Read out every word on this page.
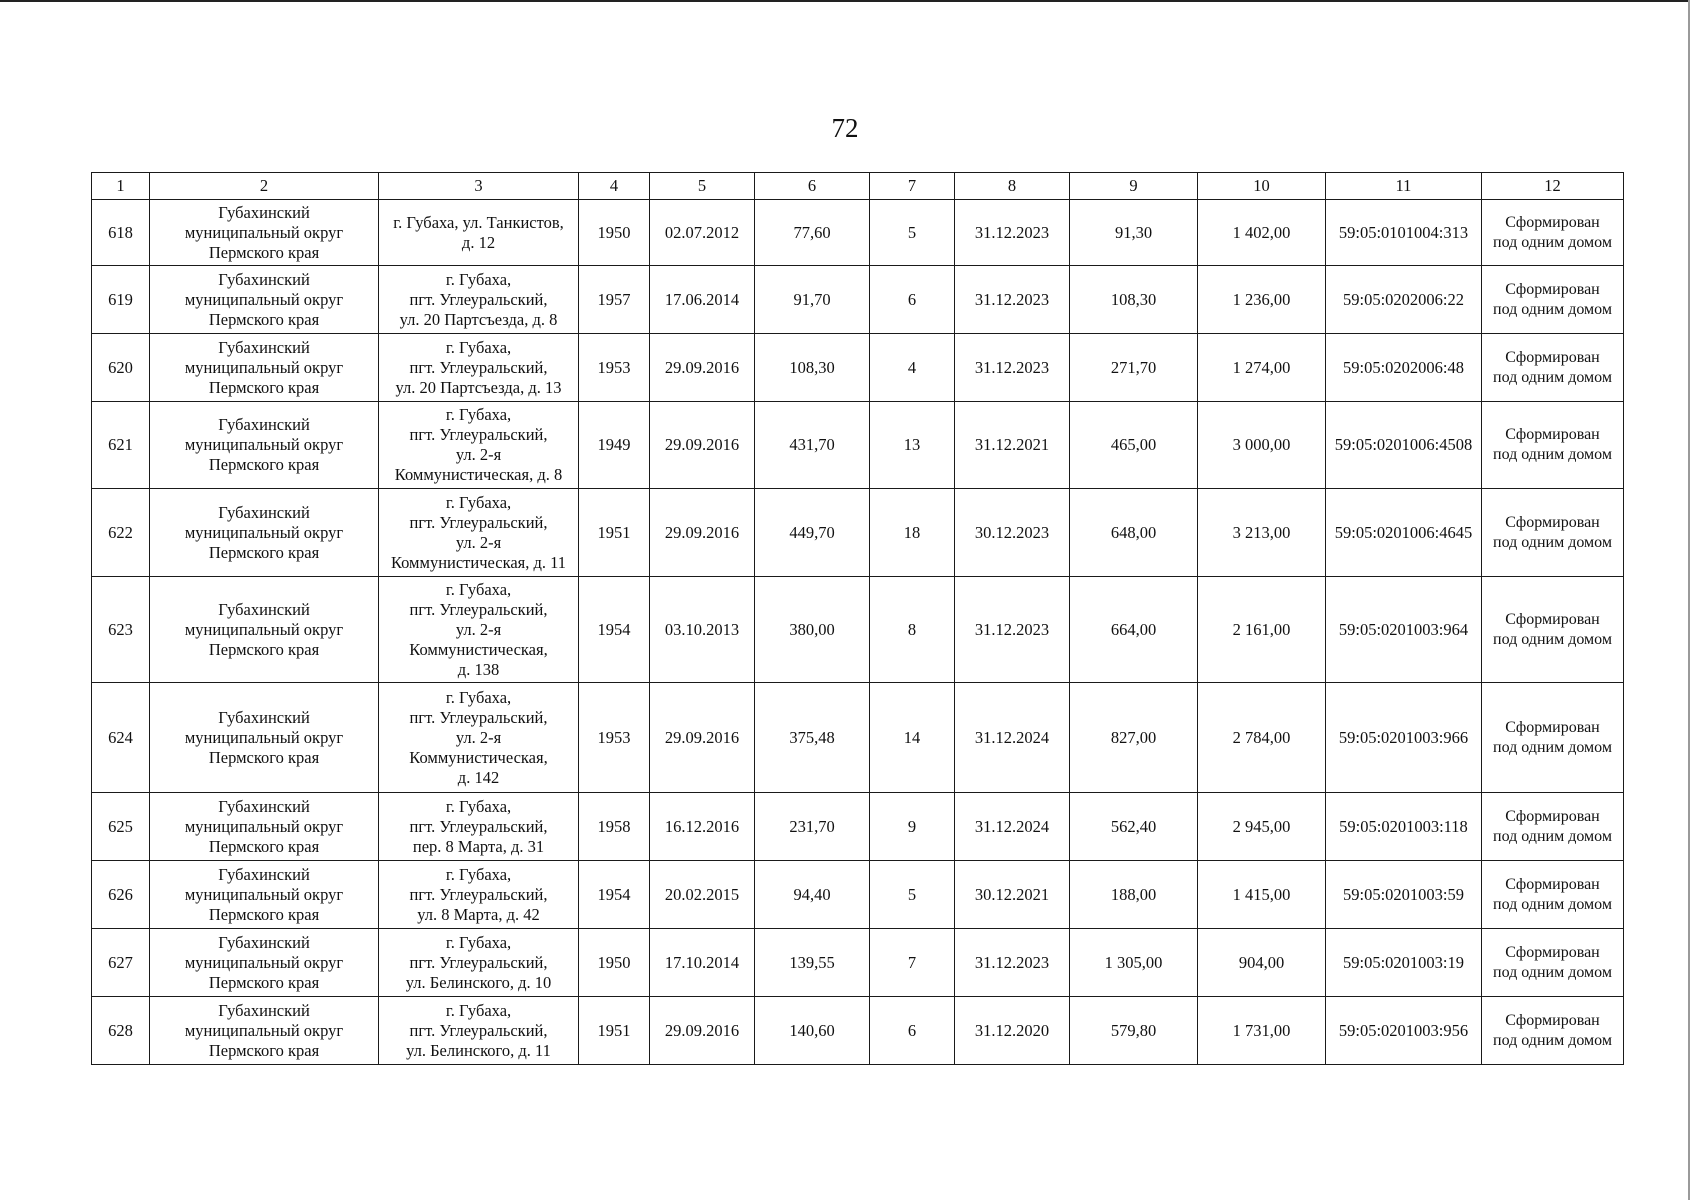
72
1	2	3	4	5	6	7	8	9	10	11	12
618	Губахинский
муниципальный округ
Пермского края	г. Губаха, ул. Танкистов,
д. 12	1950	02.07.2012	77,60	5	31.12.2023	91,30	1 402,00	59:05:0101004:313	Сформирован
под одним домом

619	Губахинский
муниципальный округ
Пермского края	г. Губаха,
пгт. Углеуральский,
ул. 20 Партсъезда, д. 8	1957	17.06.2014	91,70	6	31.12.2023	108,30	1 236,00	59:05:0202006:22	Сформирован
под одним домом

620	Губахинский
муниципальный округ
Пермского края	г. Губаха,
пгт. Углеуральский,
ул. 20 Партсъезда, д. 13	1953	29.09.2016	108,30	4	31.12.2023	271,70	1 274,00	59:05:0202006:48	Сформирован
под одним домом

621	Губахинский
муниципальный округ
Пермского края	г. Губаха,
пгт. Углеуральский,
ул. 2-я
Коммунистическая, д. 8	1949	29.09.2016	431,70	13	31.12.2021	465,00	3 000,00	59:05:0201006:4508	Сформирован
под одним домом

622	Губахинский
муниципальный округ
Пермского края	г. Губаха,
пгт. Углеуральский,
ул. 2-я
Коммунистическая, д. 11	1951	29.09.2016	449,70	18	30.12.2023	648,00	3 213,00	59:05:0201006:4645	Сформирован
под одним домом

623	Губахинский
муниципальный округ
Пермского края	г. Губаха,
пгт. Углеуральский,
ул. 2-я
Коммунистическая,
д. 138	1954	03.10.2013	380,00	8	31.12.2023	664,00	2 161,00	59:05:0201003:964	Сформирован
под одним домом

624	Губахинский
муниципальный округ
Пермского края	г. Губаха,
пгт. Углеуральский,
ул. 2-я
Коммунистическая,
д. 142	1953	29.09.2016	375,48	14	31.12.2024	827,00	2 784,00	59:05:0201003:966	Сформирован
под одним домом

625	Губахинский
муниципальный округ
Пермского края	г. Губаха,
пгт. Углеуральский,
пер. 8 Марта, д. 31	1958	16.12.2016	231,70	9	31.12.2024	562,40	2 945,00	59:05:0201003:118	Сформирован
под одним домом

626	Губахинский
муниципальный округ
Пермского края	г. Губаха,
пгт. Углеуральский,
ул. 8 Марта, д. 42	1954	20.02.2015	94,40	5	30.12.2021	188,00	1 415,00	59:05:0201003:59	Сформирован
под одним домом

627	Губахинский
муниципальный округ
Пермского края	г. Губаха,
пгт. Углеуральский,
ул. Белинского, д. 10	1950	17.10.2014	139,55	7	31.12.2023	1 305,00	904,00	59:05:0201003:19	Сформирован
под одним домом

628	Губахинский
муниципальный округ
Пермского края	г. Губаха,
пгт. Углеуральский,
ул. Белинского, д. 11	1951	29.09.2016	140,60	6	31.12.2020	579,80	1 731,00	59:05:0201003:956	Сформирован
под одним домом
